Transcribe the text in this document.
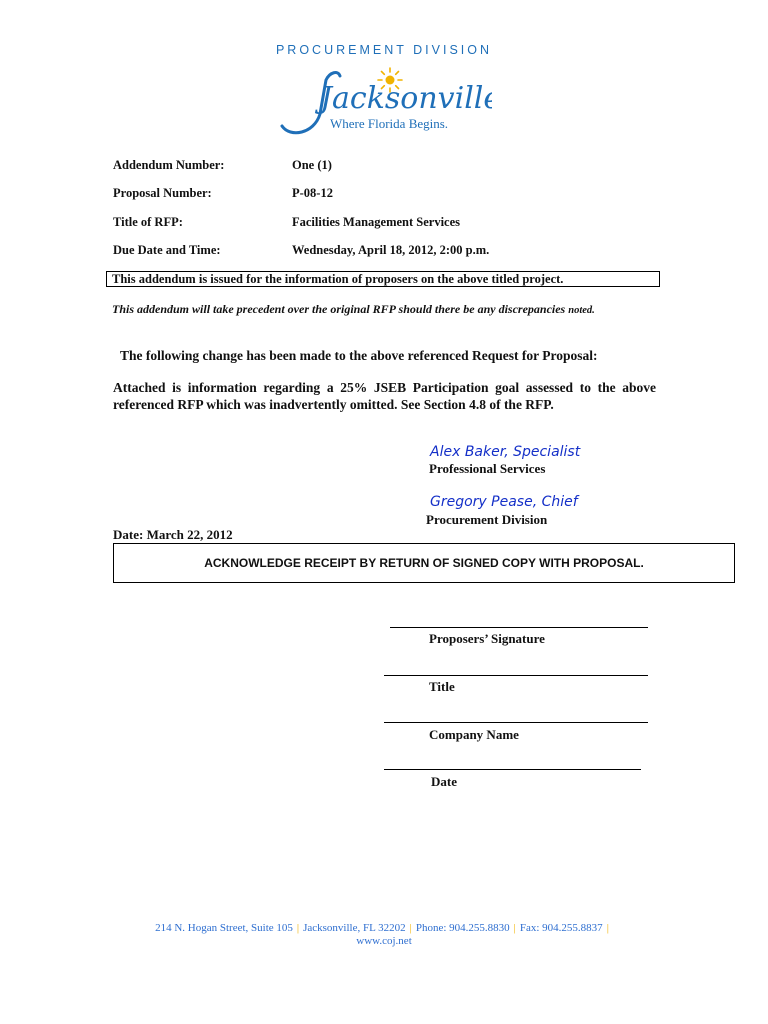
PROCUREMENT DIVISION
Jacksonville
Where Florida Begins.
Addendum Number:	One (1)
Proposal Number:	P-08-12
Title of RFP:	Facilities Management Services
Due Date and Time:	Wednesday, April 18, 2012, 2:00 p.m.
This addendum is issued for the information of proposers on the above titled project.
This addendum will take precedent over the original RFP should there be any discrepancies noted.
The following change has been made to the above referenced Request for Proposal:
Attached is information regarding a 25% JSEB Participation goal assessed to the above
referenced RFP which was inadvertently omitted. See Section 4.8 of the RFP.
Alex Baker, Specialist
Professional Services
Gregory Pease, Chief
Procurement Division
Date: March 22, 2012
ACKNOWLEDGE RECEIPT BY RETURN OF SIGNED COPY WITH PROPOSAL.
Proposers’ Signature
Title
Company Name
Date
214 N. Hogan Street, Suite 105 | Jacksonville, FL 32202 | Phone: 904.255.8830 | Fax: 904.255.8837 |
www.coj.net
